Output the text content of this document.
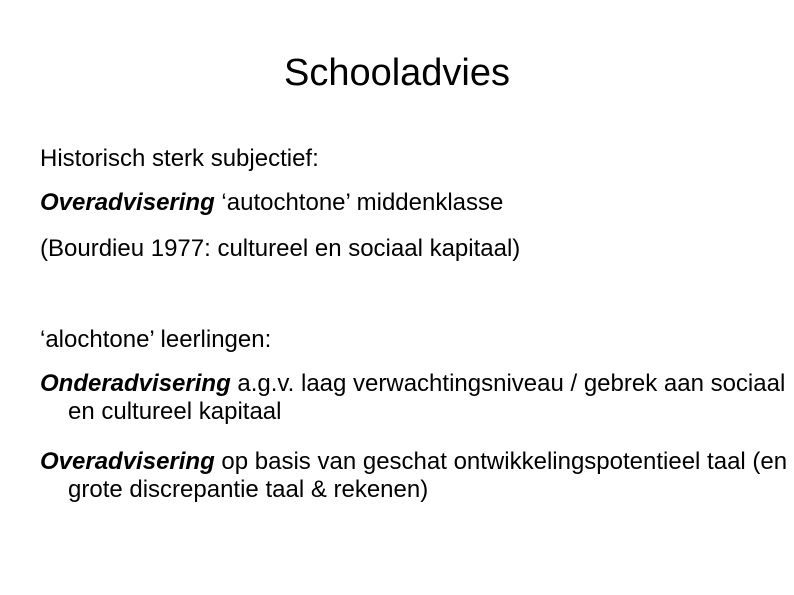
Schooladvies
Historisch sterk subjectief:
Overadvisering ‘autochtone’ middenklasse
(Bourdieu 1977: cultureel en sociaal kapitaal)
‘alochtone’ leerlingen:
Onderadvisering a.g.v. laag verwachtingsniveau / gebrek aan sociaal en cultureel kapitaal
Overadvisering op basis van geschat ontwikkelingspotentieel taal (en grote discrepantie taal & rekenen)
